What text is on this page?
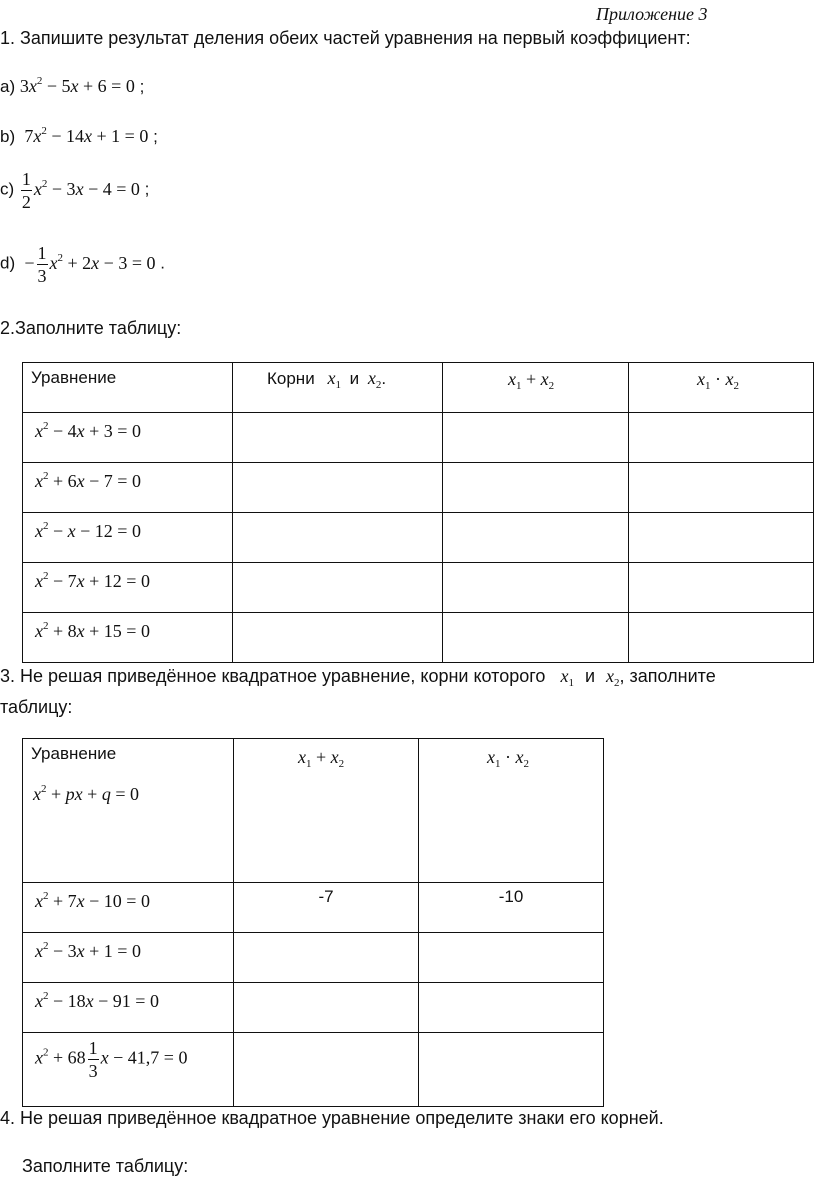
Приложение 3
1. Запишите результат деления обеих частей уравнения на первый коэффициент:
a) $3x^2 - 5x + 6 = 0$ ;
b)  $7x^2 - 14x + 1 = 0$ ;
$c) \frac{1}{2} x^2 - 3x - 4 = 0$ ;
$d) - \frac{1}{3} x^2 + 2x - 3 = 0$ .
2.Заполните таблицу:
Уравнение	Корни $x_1$ и $x_2$.	$x_1 + x_2$	$x_1 \cdot x_2$

$x^2 - 4x + 3 = 0$			

$x^2 + 6x - 7 = 0$			

$x^2 - x - 12 = 0$			

$x^2 - 7x + 12 = 0$			

$x^2 + 8x + 15 = 0$			

3. Не решая приведённое квадратное уравнение, корни которого $x_1$ и $x_2$, заполните
таблицу:
Уравнение
$x^2$ + px + q = 0	$x_1 + x_2$	$x_1 \cdot x_2$

$x^2 + 7x - 10 = 0$	-7	-10

$x^2 - 3x + 1 = 0$		

$x^2 - 18x - 91 = 0$		

$x^2 + 68 \frac{1}{3}$ x − 41,7 = 0		

4. Не решая приведённое квадратное уравнение определите знаки его корней.
Заполните таблицу:
